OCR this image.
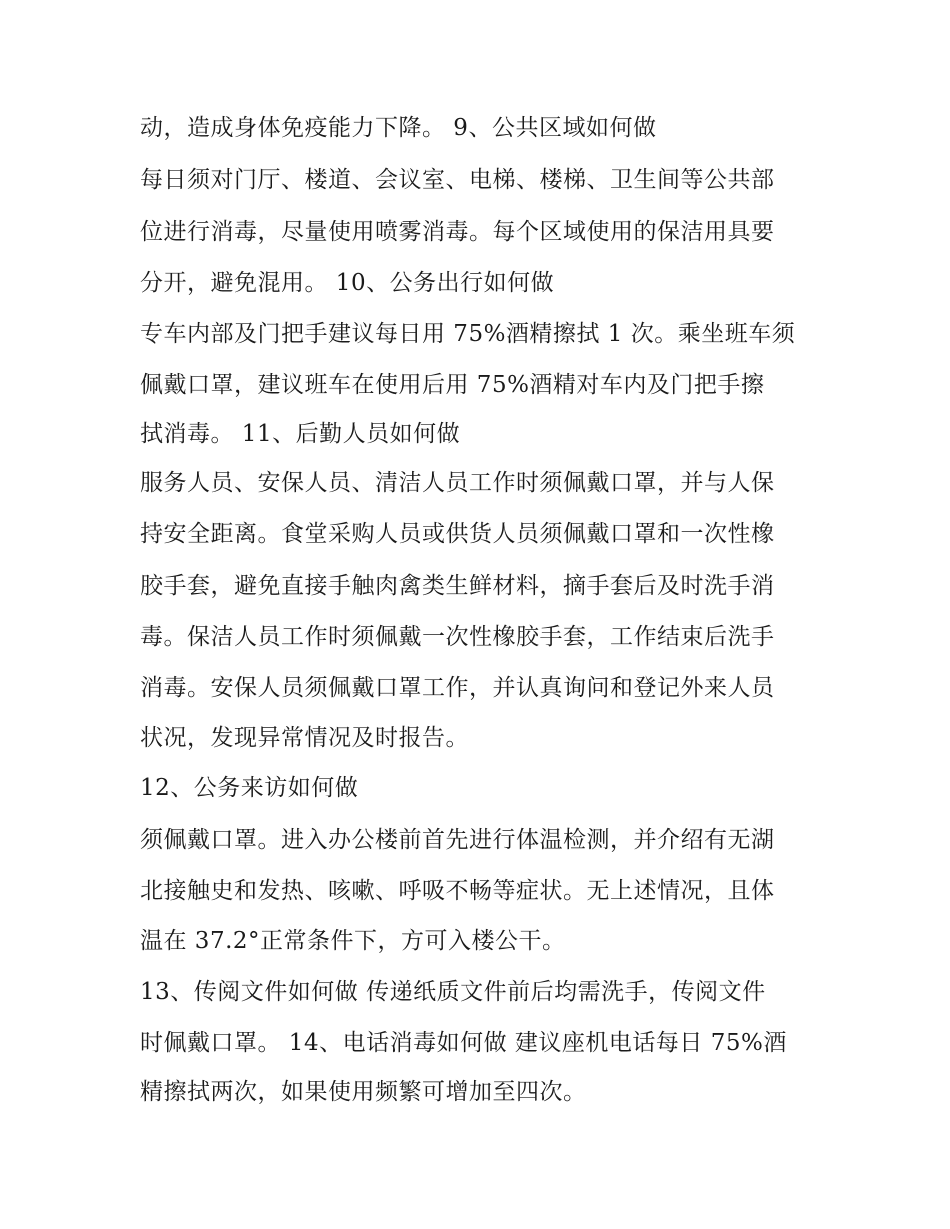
动，造成身体免疫能力下降。 9、公共区域如何做
每日须对门厅、楼道、会议室、电梯、楼梯、卫生间等公共部
位进行消毒，尽量使用喷雾消毒。每个区域使用的保洁用具要
分开，避免混用。 10、公务出行如何做
专车内部及门把手建议每日用 75%酒精擦拭 1 次。乘坐班车须
佩戴口罩，建议班车在使用后用 75%酒精对车内及门把手擦
拭消毒。 11、后勤人员如何做
服务人员、安保人员、清洁人员工作时须佩戴口罩，并与人保
持安全距离。食堂采购人员或供货人员须佩戴口罩和一次性橡
胶手套，避免直接手触肉禽类生鲜材料，摘手套后及时洗手消
毒。保洁人员工作时须佩戴一次性橡胶手套，工作结束后洗手
消毒。安保人员须佩戴口罩工作，并认真询问和登记外来人员
状况，发现异常情况及时报告。
12、公务来访如何做
须佩戴口罩。进入办公楼前首先进行体温检测，并介绍有无湖
北接触史和发热、咳嗽、呼吸不畅等症状。无上述情况，且体
温在 37.2°正常条件下，方可入楼公干。
13、传阅文件如何做 传递纸质文件前后均需洗手，传阅文件
时佩戴口罩。 14、电话消毒如何做 建议座机电话每日 75%酒
精擦拭两次，如果使用频繁可增加至四次。
